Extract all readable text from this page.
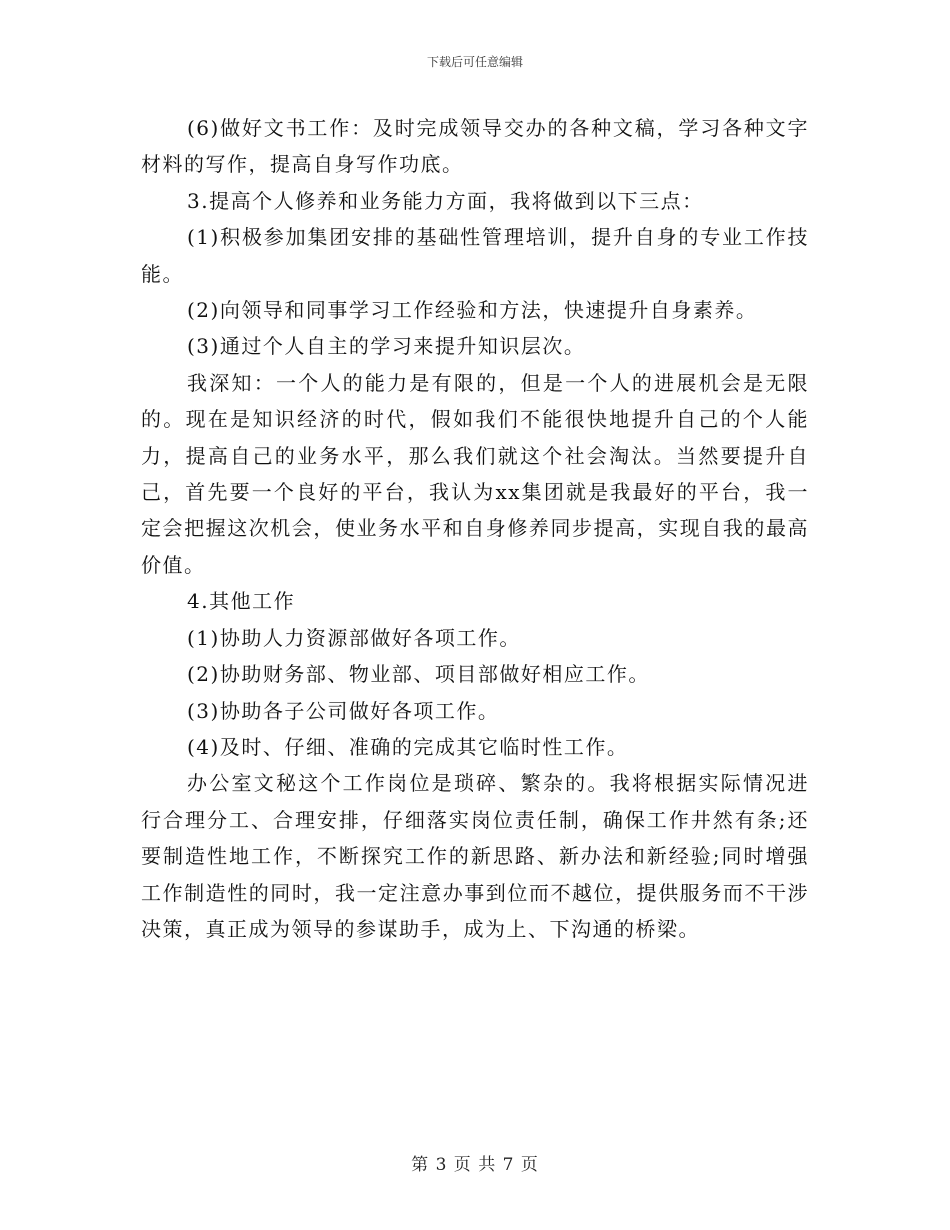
下载后可任意编辑

(6)做好文书工作：及时完成领导交办的各种文稿，学习各种文字材料的写作，提高自身写作功底。

3.提高个人修养和业务能力方面，我将做到以下三点：

(1)积极参加集团安排的基础性管理培训，提升自身的专业工作技能。

(2)向领导和同事学习工作经验和方法，快速提升自身素养。

(3)通过个人自主的学习来提升知识层次。

我深知：一个人的能力是有限的，但是一个人的进展机会是无限的。现在是知识经济的时代，假如我们不能很快地提升自己的个人能力，提高自己的业务水平，那么我们就这个社会淘汰。当然要提升自己，首先要一个良好的平台，我认为xx集团就是我最好的平台，我一定会把握这次机会，使业务水平和自身修养同步提高，实现自我的最高价值。

4.其他工作

(1)协助人力资源部做好各项工作。

(2)协助财务部、物业部、项目部做好相应工作。

(3)协助各子公司做好各项工作。

(4)及时、仔细、准确的完成其它临时性工作。

办公室文秘这个工作岗位是琐碎、繁杂的。我将根据实际情况进行合理分工、合理安排，仔细落实岗位责任制，确保工作井然有条;还要制造性地工作，不断探究工作的新思路、新办法和新经验;同时增强工作制造性的同时，我一定注意办事到位而不越位，提供服务而不干涉决策，真正成为领导的参谋助手，成为上、下沟通的桥梁。

第 3 页 共 7 页
